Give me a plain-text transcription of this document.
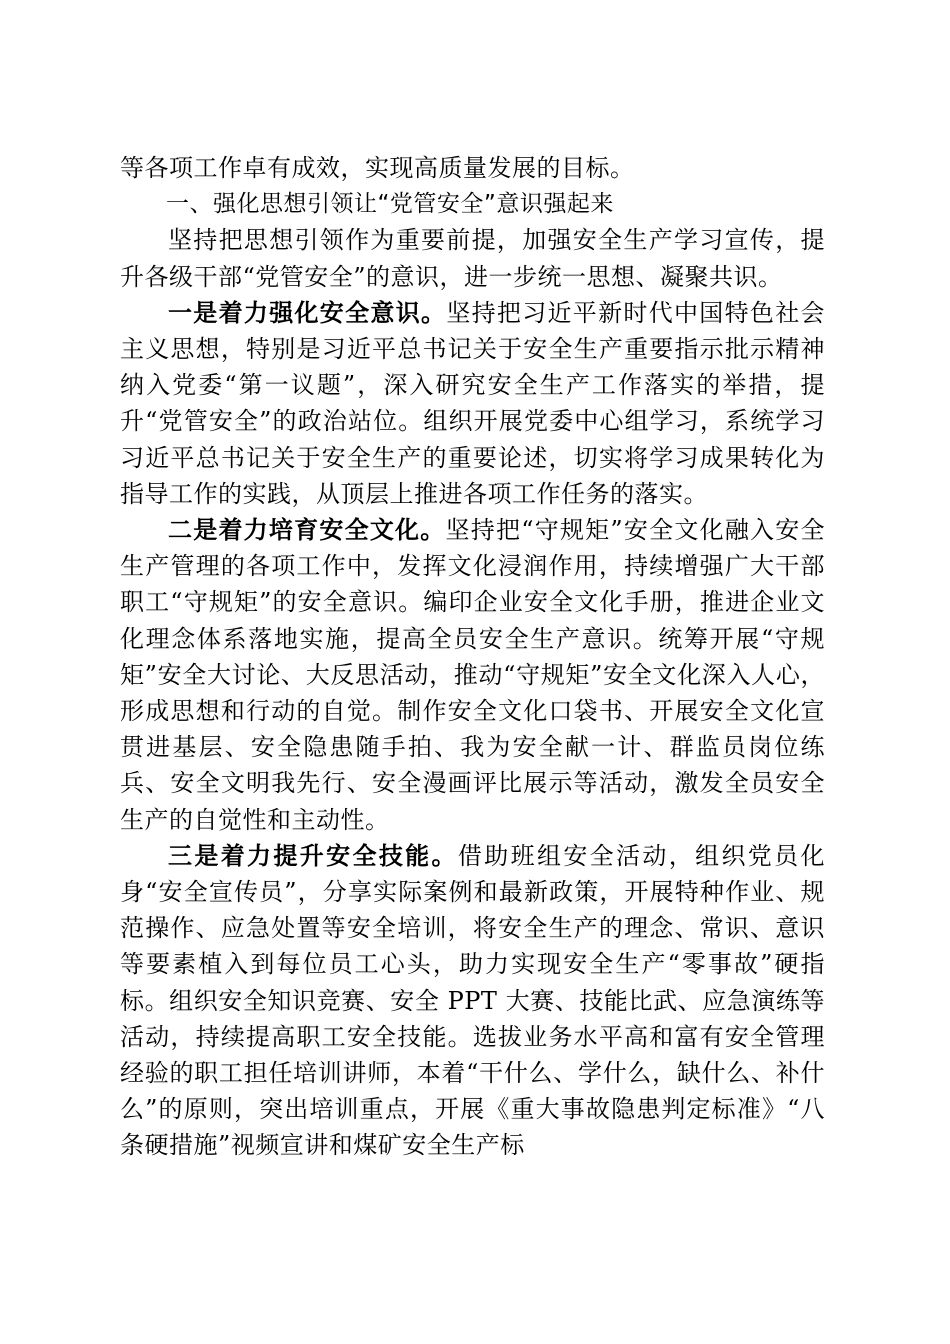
等各项工作卓有成效，实现高质量发展的目标。

一、强化思想引领让“党管安全”意识强起来

坚持把思想引领作为重要前提，加强安全生产学习宣传，提升各级干部“党管安全”的意识，进一步统一思想、凝聚共识。

一是着力强化安全意识。坚持把习近平新时代中国特色社会主义思想，特别是习近平总书记关于安全生产重要指示批示精神纳入党委“第一议题”，深入研究安全生产工作落实的举措，提升“党管安全”的政治站位。组织开展党委中心组学习，系统学习习近平总书记关于安全生产的重要论述，切实将学习成果转化为指导工作的实践，从顶层上推进各项工作任务的落实。

二是着力培育安全文化。坚持把“守规矩”安全文化融入安全生产管理的各项工作中，发挥文化浸润作用，持续增强广大干部职工“守规矩”的安全意识。编印企业安全文化手册，推进企业文化理念体系落地实施，提高全员安全生产意识。统筹开展“守规矩”安全大讨论、大反思活动，推动“守规矩”安全文化深入人心，形成思想和行动的自觉。制作安全文化口袋书、开展安全文化宣贯进基层、安全隐患随手拍、我为安全献一计、群监员岗位练兵、安全文明我先行、安全漫画评比展示等活动，激发全员安全生产的自觉性和主动性。

三是着力提升安全技能。借助班组安全活动，组织党员化身“安全宣传员”，分享实际案例和最新政策，开展特种作业、规范操作、应急处置等安全培训，将安全生产的理念、常识、意识等要素植入到每位员工心头，助力实现安全生产“零事故”硬指标。组织安全知识竞赛、安全 PPT 大赛、技能比武、应急演练等活动，持续提高职工安全技能。选拔业务水平高和富有安全管理经验的职工担任培训讲师，本着“干什么、学什么，缺什么、补什么”的原则，突出培训重点，开展《重大事故隐患判定标准》“八条硬措施”视频宣讲和煤矿安全生产标
